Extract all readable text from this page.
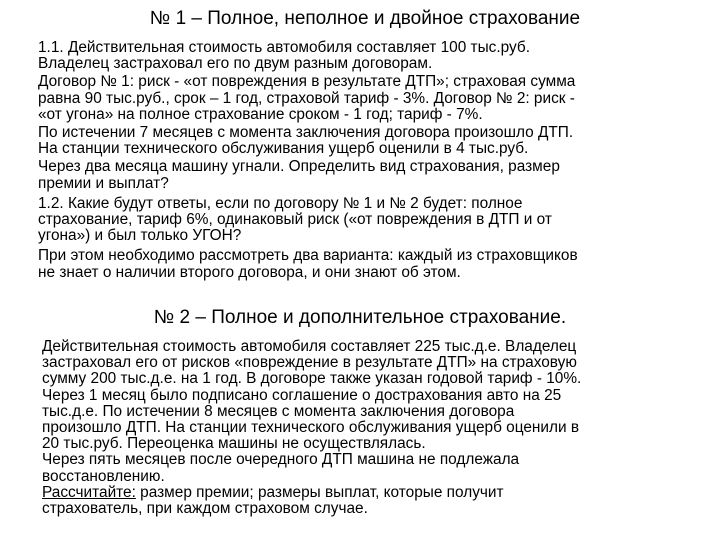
№ 1 – Полное, неполное и двойное страхование

1.1. Действительная стоимость автомобиля составляет 100 тыс.руб.
Владелец застраховал его по двум разным договорам.

Договор № 1: риск - «от повреждения в результате ДТП»; страховая сумма
равна 90 тыс.руб., срок – 1 год, страховой тариф - 3%. Договор № 2: риск -
«от угона» на полное страхование сроком - 1 год; тариф - 7%.

По истечении 7 месяцев с момента заключения договора произошло ДТП.
На станции технического обслуживания ущерб оценили в 4 тыс.руб.

Через два месяца машину угнали. Определить вид страхования, размер
премии и выплат?

1.2. Какие будут ответы, если по договору № 1 и № 2 будет: полное
страхование, тариф 6%, одинаковый риск («от повреждения в ДТП и от
угона») и был только УГОН?

При этом необходимо рассмотреть два варианта: каждый из страховщиков
не знает о наличии второго договора, и они знают об этом.

№ 2 – Полное и дополнительное страхование.

Действительная стоимость автомобиля составляет 225 тыс.д.е. Владелец
застраховал его от рисков «повреждение в результате ДТП» на страховую
сумму 200 тыс.д.е. на 1 год. В договоре также указан годовой тариф - 10%.
Через 1 месяц было подписано соглашение о дострахования авто на 25
тыс.д.е. По истечении 8 месяцев с момента заключения договора
произошло ДТП. На станции технического обслуживания ущерб оценили в
20 тыс.руб. Переоценка машины не осуществлялась.
Через пять месяцев после очередного ДТП машина не подлежала
восстановлению.
Рассчитайте: размер премии; размеры выплат, которые получит
страхователь, при каждом страховом случае.
